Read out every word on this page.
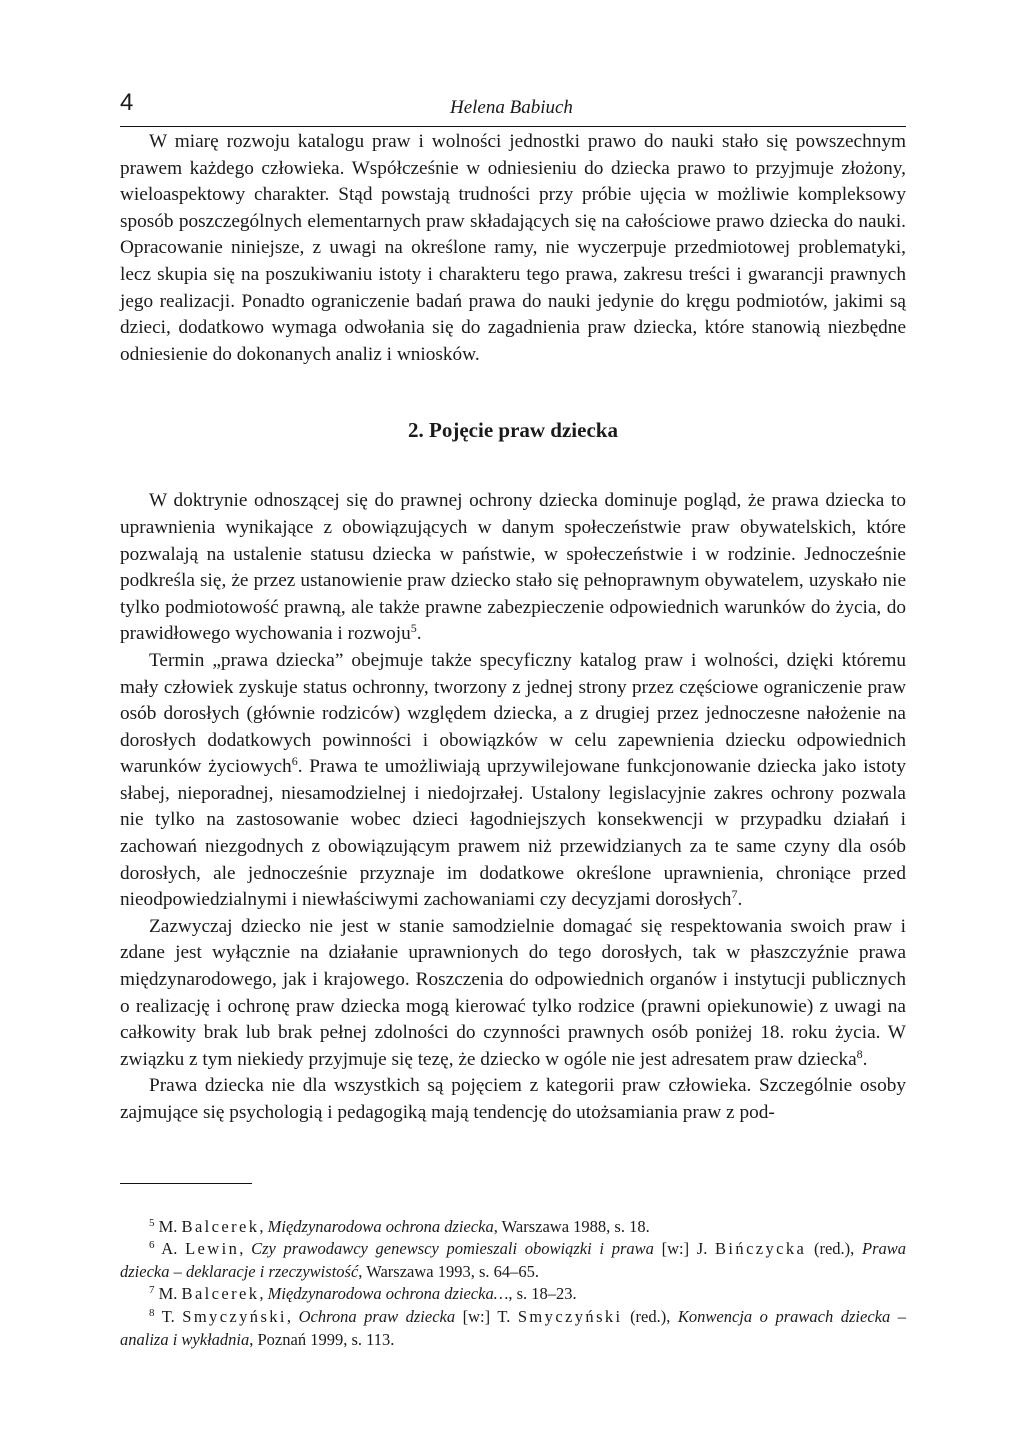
4	Helena Babiuch

W miarę rozwoju katalogu praw i wolności jednostki prawo do nauki stało się powszechnym prawem każdego człowieka. Współcześnie w odniesieniu do dziecka prawo to przyjmuje złożony, wieloaspektowy charakter. Stąd powstają trudności przy próbie ujęcia w możliwie kompleksowy sposób poszczególnych elementarnych praw składających się na całościowe prawo dziecka do nauki. Opracowanie niniejsze, z uwagi na określone ramy, nie wyczerpuje przedmiotowej problematyki, lecz skupia się na poszukiwaniu istoty i charakteru tego prawa, zakresu treści i gwarancji prawnych jego realizacji. Ponadto ograniczenie badań prawa do nauki jedynie do kręgu podmiotów, jakimi są dzieci, dodatkowo wymaga odwołania się do zagadnienia praw dziecka, które stanowią niezbędne odniesienie do dokonanych analiz i wniosków.

2. Pojęcie praw dziecka

W doktrynie odnoszącej się do prawnej ochrony dziecka dominuje pogląd, że prawa dziecka to uprawnienia wynikające z obowiązujących w danym społeczeństwie praw obywatelskich, które pozwalają na ustalenie statusu dziecka w państwie, w społeczeństwie i w rodzinie. Jednocześnie podkreśla się, że przez ustanowienie praw dziecko stało się pełnoprawnym obywatelem, uzyskało nie tylko podmiotowość prawną, ale także prawne zabezpieczenie odpowiednich warunków do życia, do prawidłowego wychowania i rozwoju$^5$.

Termin „prawa dziecka” obejmuje także specyficzny katalog praw i wolności, dzięki któremu mały człowiek zyskuje status ochronny, tworzony z jednej strony przez częściowe ograniczenie praw osób dorosłych (głównie rodziców) względem dziecka, a z drugiej przez jednoczesne nałożenie na dorosłych dodatkowych powinności i obowiązków w celu zapewnienia dziecku odpowiednich warunków życiowych$^6$. Prawa te umożliwiają uprzywilejowane funkcjonowanie dziecka jako istoty słabej, nieporadnej, niesamodzielnej i niedojrzałej. Ustalony legislacyjnie zakres ochrony pozwala nie tylko na zastosowanie wobec dzieci łagodniejszych konsekwencji w przypadku działań i zachowań niezgodnych z obowiązującym prawem niż przewidzianych za te same czyny dla osób dorosłych, ale jednocześnie przyznaje im dodatkowe określone uprawnienia, chroniące przed nieodpowiedzialnymi i niewłaściwymi zachowaniami czy decyzjami dorosłych$^7$.

Zazwyczaj dziecko nie jest w stanie samodzielnie domagać się respektowania swoich praw i zdane jest wyłącznie na działanie uprawnionych do tego dorosłych, tak w płaszczyźnie prawa międzynarodowego, jak i krajowego. Roszczenia do odpowiednich organów i instytucji publicznych o realizację i ochronę praw dziecka mogą kierować tylko rodzice (prawni opiekunowie) z uwagi na całkowity brak lub brak pełnej zdolności do czynności prawnych osób poniżej 18. roku życia. W związku z tym niekiedy przyjmuje się tezę, że dziecko w ogóle nie jest adresatem praw dziecka$^8$.

Prawa dziecka nie dla wszystkich są pojęciem z kategorii praw człowieka. Szczególnie osoby zajmujące się psychologią i pedagogiką mają tendencję do utożsamiania praw z pod-

$^5$ M. Balcerek, Międzynarodowa ochrona dziecka, Warszawa 1988, s. 18.

$^6$ A. Lewin, Czy prawodawcy genewscy pomieszali obowiązki i prawa [w:] J. Bińczycka (red.), Prawa dziecka – deklaracje i rzeczywistość, Warszawa 1993, s. 64–65.

$^7$ M. Balcerek, Międzynarodowa ochrona dziecka…, s. 18–23.

$^8$ T. Smyczyński, Ochrona praw dziecka [w:] T. Smyczyński (red.), Konwencja o prawach dziecka – analiza i wykładnia, Poznań 1999, s. 113.
